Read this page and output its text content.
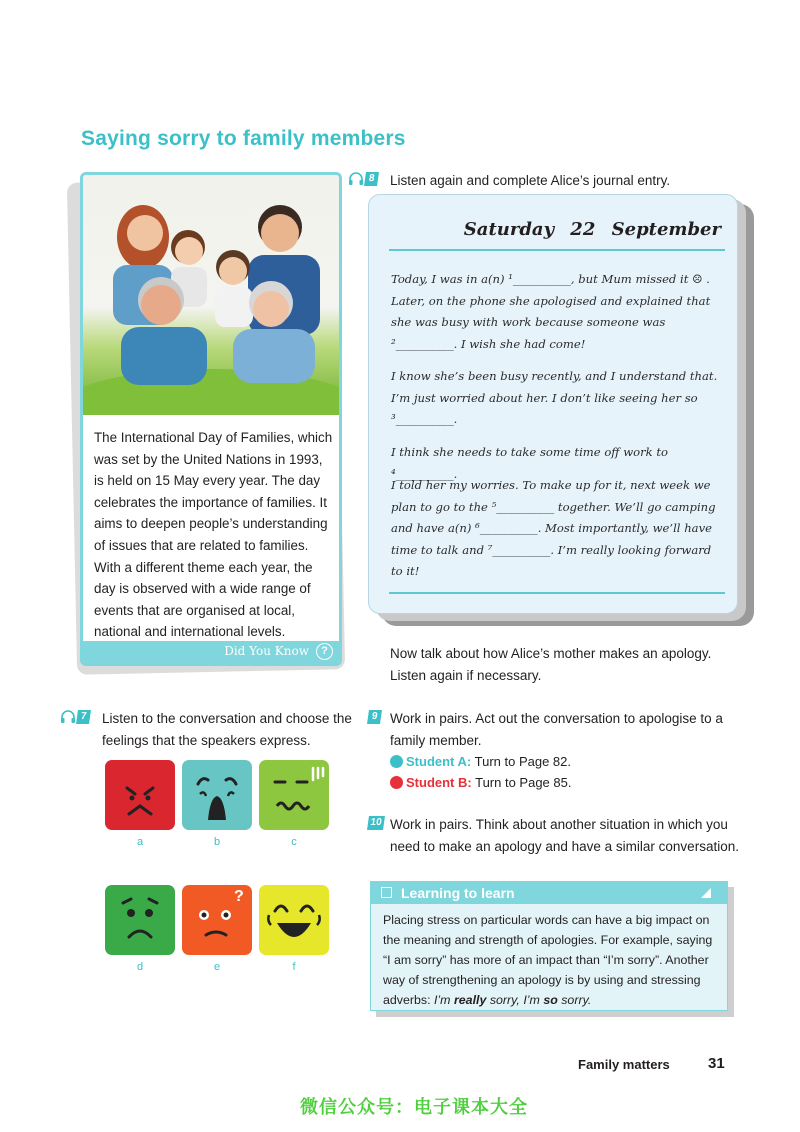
Saying sorry to family members
The International Day of Families, which was set by the United Nations in 1993, is held on 15 May every year. The day celebrates the importance of families. It aims to deepen people’s understanding of issues that are related to families. With a different theme each year, the day is observed with a wide range of events that are organised at local, national and international levels.
Did You Know	?
8 Listen again and complete Alice’s journal entry.
Saturday 22 September
Today, I was in a(n) ¹__________, but Mum missed it ☹ . Later, on the phone she apologised and explained that she was busy with work because someone was ²__________. I wish she had come!
I know she’s been busy recently, and I understand that. I’m just worried about her. I don’t like seeing her so ³__________.
I think she needs to take some time off work to ⁴__________.
I told her my worries. To make up for it, next week we plan to go to the ⁵__________ together. We’ll go camping and have a(n) ⁶__________. Most importantly, we’ll have time to talk and ⁷__________. I’m really looking forward to it!
Now talk about how Alice’s mother makes an apology. Listen again if necessary.
7 Listen to the conversation and choose the feelings that the speakers express.
a	b	c
?
d	e	f
9 Work in pairs. Act out the conversation to apologise to a family member.
Student A: Turn to Page 82.
Student B: Turn to Page 85.
10 Work in pairs. Think about another situation in which you need to make an apology and have a similar conversation.
Learning to learn
Placing stress on particular words can have a big impact on the meaning and strength of apologies. For example, saying “I am sorry” has more of an impact than “I’m sorry”. Another way of strengthening an apology is by using and stressing adverbs: I’m really sorry, I’m so sorry.
Family matters	31
微信公众号：电子课本大全
